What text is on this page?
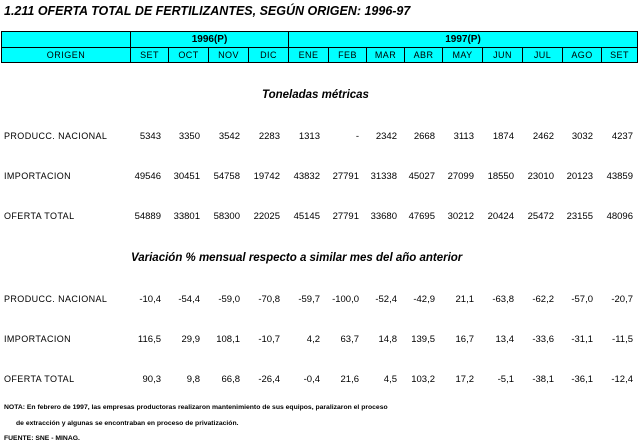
1.211 OFERTA TOTAL DE FERTILIZANTES, SEGÚN ORIGEN: 1996-97
	1996(P)				1997(P)								
ORIGEN	SET	OCT	NOV	DIC	ENE	FEB	MAR	ABR	MAY	JUN	JUL	AGO	SET
Toneladas métricas
Variación % mensual respecto a similar mes del año anterior
PRODUCC. NACIONAL	5343	3350	3542	2283	1313	-	2342	2668	3113	1874	2462	3032	4237
IMPORTACION	49546	30451	54758	19742	43832	27791	31338	45027	27099	18550	23010	20123	43859
OFERTA TOTAL	54889	33801	58300	22025	45145	27791	33680	47695	30212	20424	25472	23155	48096
PRODUCC. NACIONAL	-10,4	-54,4	-59,0	-70,8	-59,7	-100,0	-52,4	-42,9	21,1	-63,8	-62,2	-57,0	-20,7
IMPORTACION	116,5	29,9	108,1	-10,7	4,2	63,7	14,8	139,5	16,7	13,4	-33,6	-31,1	-11,5
OFERTA TOTAL	90,3	9,8	66,8	-26,4	-0,4	21,6	4,5	103,2	17,2	-5,1	-38,1	-36,1	-12,4
NOTA: En febrero de 1997, las empresas productoras realizaron mantenimiento de sus equipos, paralizaron el proceso
de extracción y algunas se encontraban en proceso de privatización.
FUENTE: SNE - MINAG.
